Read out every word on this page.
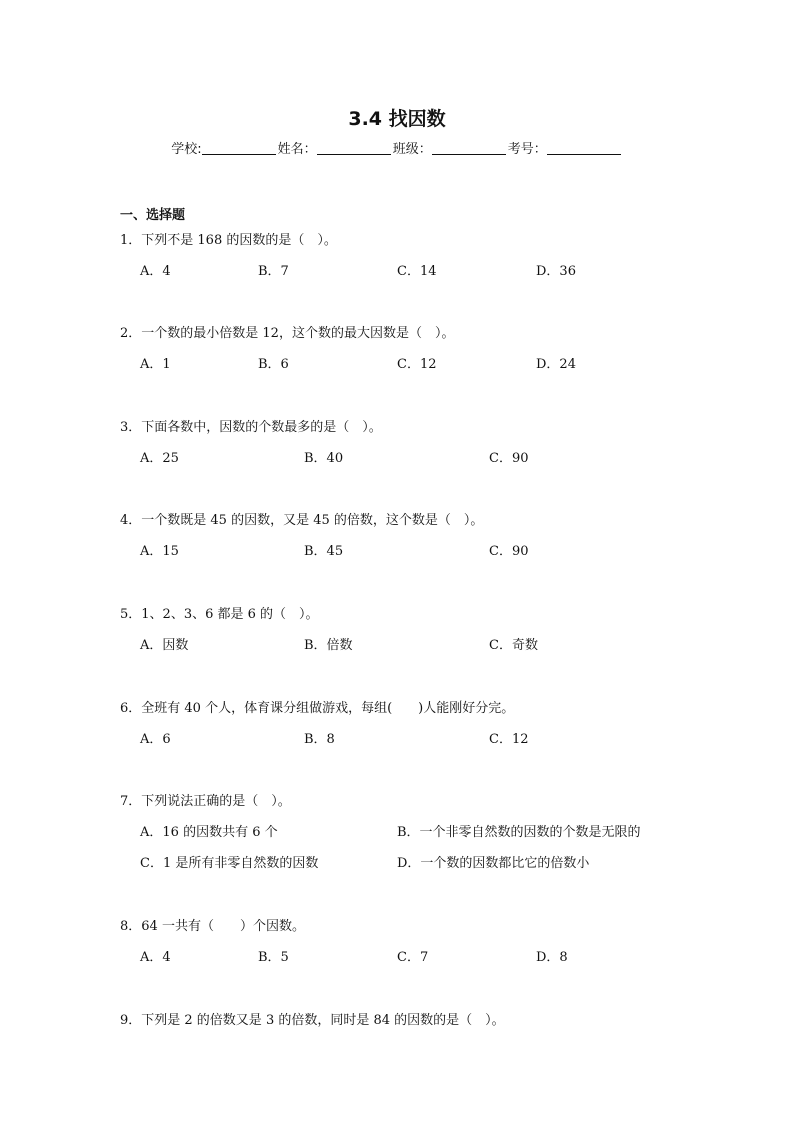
3.4 找因数
学校:	姓名：	班级：	考号：
一、选择题
1．下列不是 168 的因数的是（　）。
A．4	B．7	C．14	D．36
2．一个数的最小倍数是 12，这个数的最大因数是（　）。
A．1	B．6	C．12	D．24
3．下面各数中，因数的个数最多的是（　）。
A．25	B．40	C．90
4．一个数既是 45 的因数，又是 45 的倍数，这个数是（　）。
A．15	B．45	C．90
5．1、2、3、6 都是 6 的（　）。
A．因数	B．倍数	C．奇数
6．全班有 40 个人，体育课分组做游戏，每组(　　)人能刚好分完。
A．6	B．8	C．12
7．下列说法正确的是（　）。
A．16 的因数共有 6 个	B．一个非零自然数的因数的个数是无限的
C．1 是所有非零自然数的因数	D．一个数的因数都比它的倍数小
8．64 一共有（　　）个因数。
A．4	B．5	C．7	D．8
9．下列是 2 的倍数又是 3 的倍数，同时是 84 的因数的是（　）。
